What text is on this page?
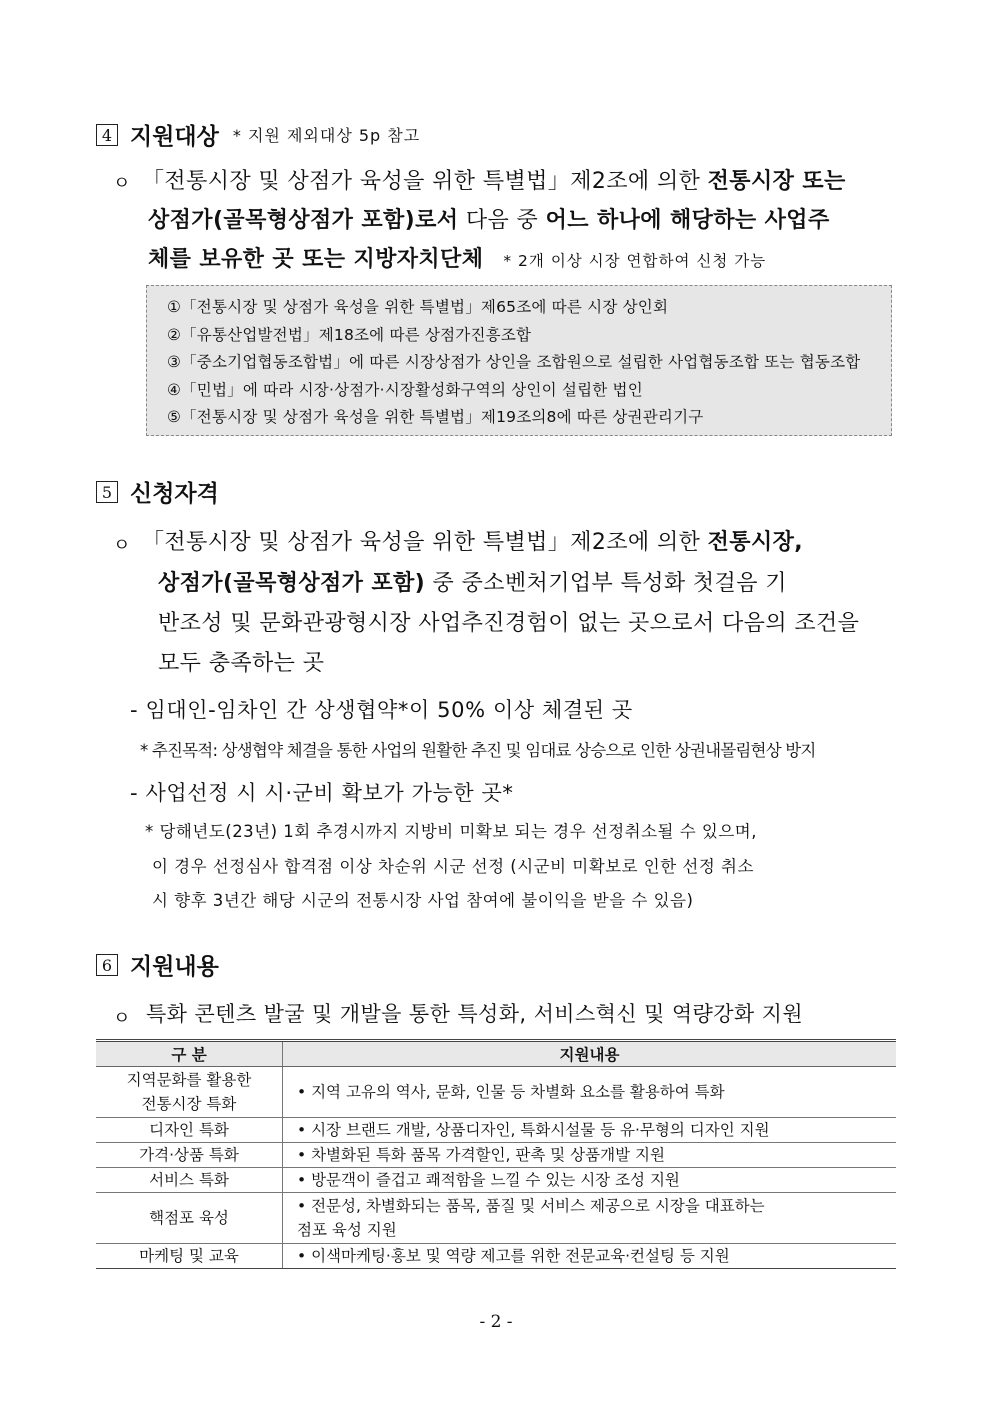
4 지원대상 * 지원 제외대상 5p 참고
ㅇ 「전통시장 및 상점가 육성을 위한 특별법」제2조에 의한 전통시장 또는
상점가(골목형상점가 포함)로서 다음 중 어느 하나에 해당하는 사업주
체를 보유한 곳 또는 지방자치단체 * 2개 이상 시장 연합하여 신청 가능
①「전통시장 및 상점가 육성을 위한 특별법」제65조에 따른 시장 상인회
②「유통산업발전법」제18조에 따른 상점가진흥조합
③「중소기업협동조합법」에 따른 시장상점가 상인을 조합원으로 설립한 사업협동조합 또는 협동조합
④「민법」에 따라 시장·상점가·시장활성화구역의 상인이 설립한 법인
⑤「전통시장 및 상점가 육성을 위한 특별법」제19조의8에 따른 상권관리기구
5 신청자격
ㅇ 「전통시장 및 상점가 육성을 위한 특별법」제2조에 의한 전통시장,
상점가(골목형상점가 포함) 중 중소벤처기업부 특성화 첫걸음 기
반조성 및 문화관광형시장 사업추진경험이 없는 곳으로서 다음의 조건을
모두 충족하는 곳
- 임대인-임차인 간 상생협약*이 50% 이상 체결된 곳
* 추진목적: 상생협약 체결을 통한 사업의 원활한 추진 및 임대료 상승으로 인한 상권내몰림현상 방지
- 사업선정 시 시·군비 확보가 가능한 곳*
* 당해년도(23년) 1회 추경시까지 지방비 미확보 되는 경우 선정취소될 수 있으며,
이 경우 선정심사 합격점 이상 차순위 시군 선정 (시군비 미확보로 인한 선정 취소
시 향후 3년간 해당 시군의 전통시장 사업 참여에 불이익을 받을 수 있음)
6 지원내용
ㅇ 특화 콘텐츠 발굴 및 개발을 통한 특성화, 서비스혁신 및 역량강화 지원
구 분	지원내용
지역문화를 활용한
전통시장 특화	• 지역 고유의 역사, 문화, 인물 등 차별화 요소를 활용하여 특화
디자인 특화	• 시장 브랜드 개발, 상품디자인, 특화시설물 등 유·무형의 디자인 지원
가격·상품 특화	• 차별화된 특화 품목 가격할인, 판촉 및 상품개발 지원
서비스 특화	• 방문객이 즐겁고 쾌적함을 느낄 수 있는 시장 조성 지원
핵점포 육성	• 전문성, 차별화되는 품목, 품질 및 서비스 제공으로 시장을 대표하는
점포 육성 지원
마케팅 및 교육	• 이색마케팅·홍보 및 역량 제고를 위한 전문교육·컨설팅 등 지원
- 2 -
